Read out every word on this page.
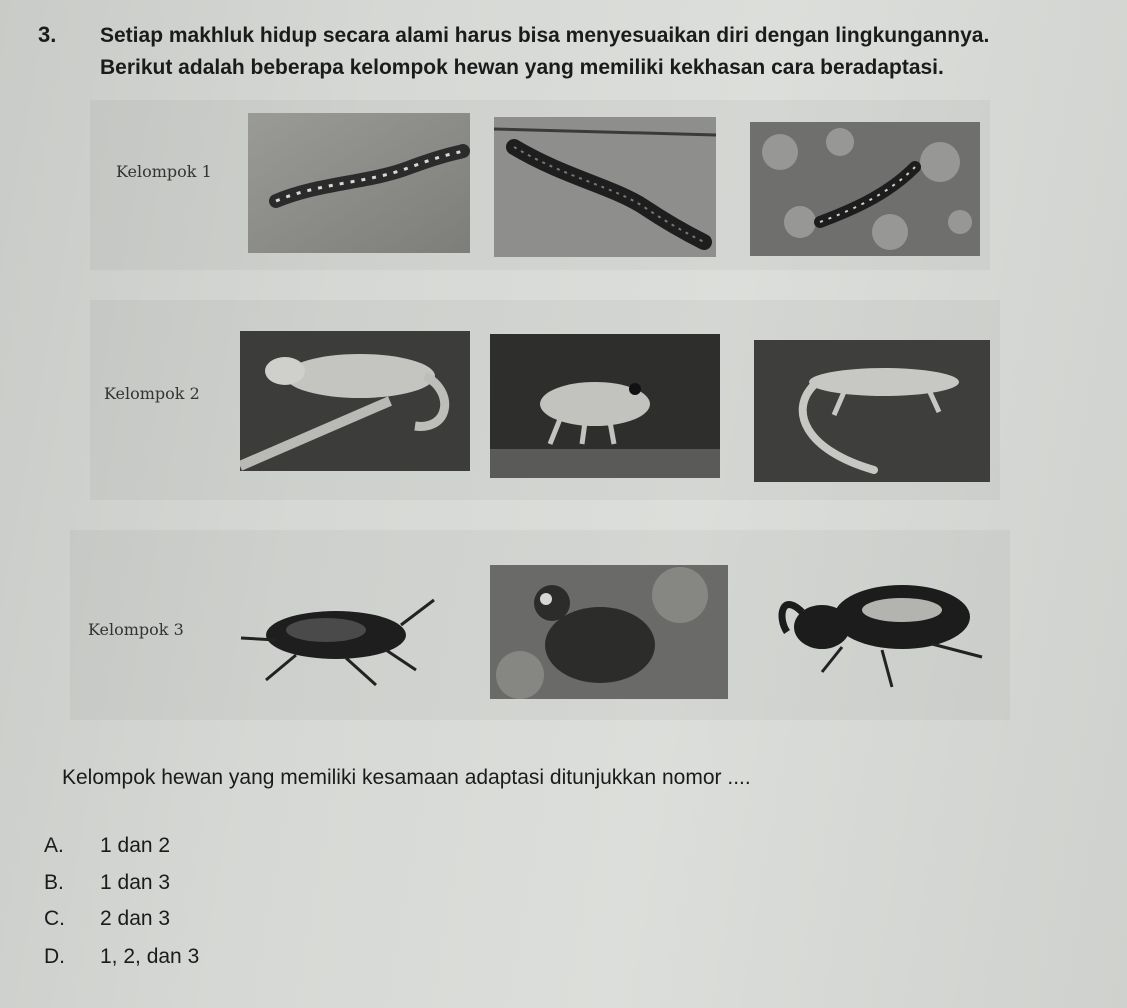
3. Setiap makhluk hidup secara alami harus bisa menyesuaikan diri dengan lingkungannya.
Berikut adalah beberapa kelompok hewan yang memiliki kekhasan cara beradaptasi.
Kelompok 1
Kelompok 2
Kelompok 3
Kelompok hewan yang memiliki kesamaan adaptasi ditunjukkan nomor ....
A. 1 dan 2
B. 1 dan 3
C. 2 dan 3
D. 1, 2, dan 3
